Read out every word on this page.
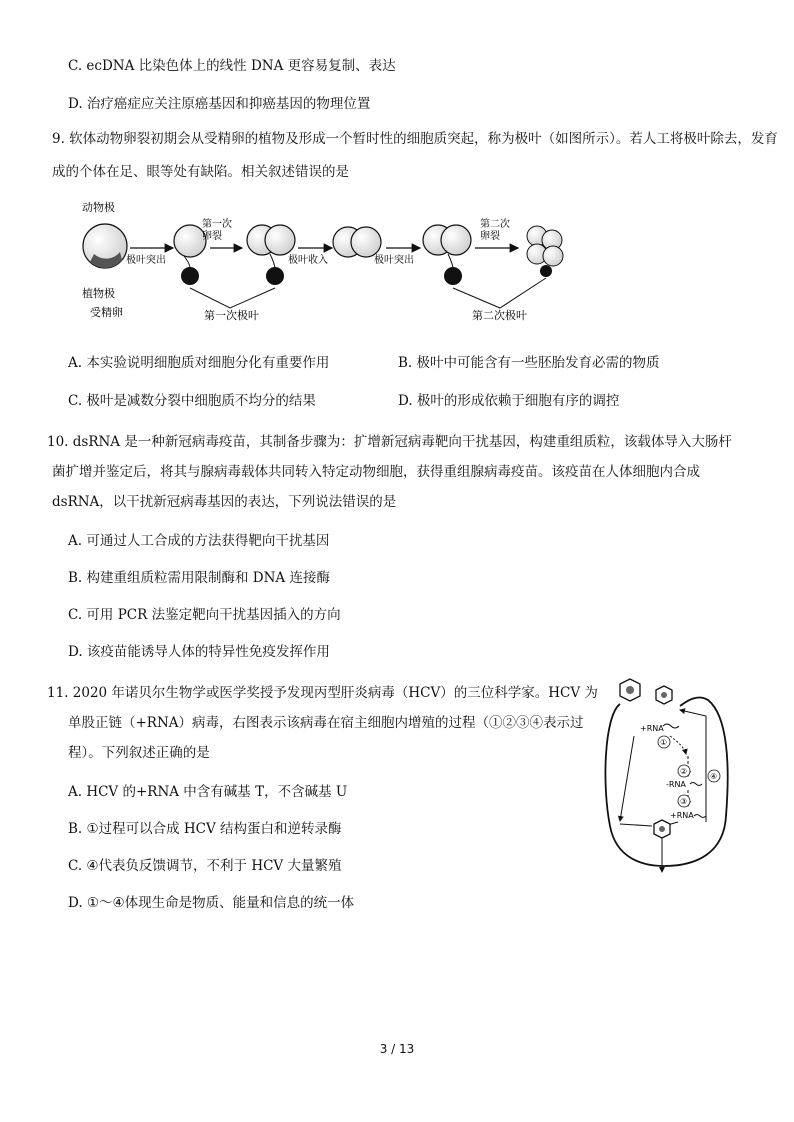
C. ecDNA 比染色体上的线性 DNA 更容易复制、表达
D. 治疗癌症应关注原癌基因和抑癌基因的物理位置
9. 软体动物卵裂初期会从受精卵的植物及形成一个暂时性的细胞质突起，称为极叶（如图所示）。若人工将极叶除去，发育成的个体在足、眼等处有缺陷。相关叙述错误的是
动物极
植物极
受精卵
极叶突出
第一次卵裂
极叶收入	极叶突出
第二次卵裂
第一次极叶	第二次极叶
A. 本实验说明细胞质对细胞分化有重要作用	B. 极叶中可能含有一些胚胎发育必需的物质
C. 极叶是减数分裂中细胞质不均分的结果	D. 极叶的形成依赖于细胞有序的调控
10. dsRNA 是一种新冠病毒疫苗，其制备步骤为：扩增新冠病毒靶向干扰基因，构建重组质粒，该载体导入大肠杆
菌扩增并鉴定后，将其与腺病毒载体共同转入特定动物细胞，获得重组腺病毒疫苗。该疫苗在人体细胞内合成
dsRNA，以干扰新冠病毒基因的表达，下列说法错误的是
A. 可通过人工合成的方法获得靶向干扰基因
B. 构建重组质粒需用限制酶和 DNA 连接酶
C. 可用 PCR 法鉴定靶向干扰基因插入的方向
D. 该疫苗能诱导人体的特异性免疫发挥作用
11. 2020 年诺贝尔生物学或医学奖授予发现丙型肝炎病毒（HCV）的三位科学家。HCV 为
单股正链（+RNA）病毒，右图表示该病毒在宿主细胞内增殖的过程（①②③④表示过
程）。下列叙述正确的是
A. HCV 的+RNA 中含有碱基 T，不含碱基 U
B. ①过程可以合成 HCV 结构蛋白和逆转录酶
C. ④代表负反馈调节，不利于 HCV 大量繁殖
D. ①～④体现生命是物质、能量和信息的统一体
+RNA
①
②
-RNA
③
+RNA
④
3 / 13
